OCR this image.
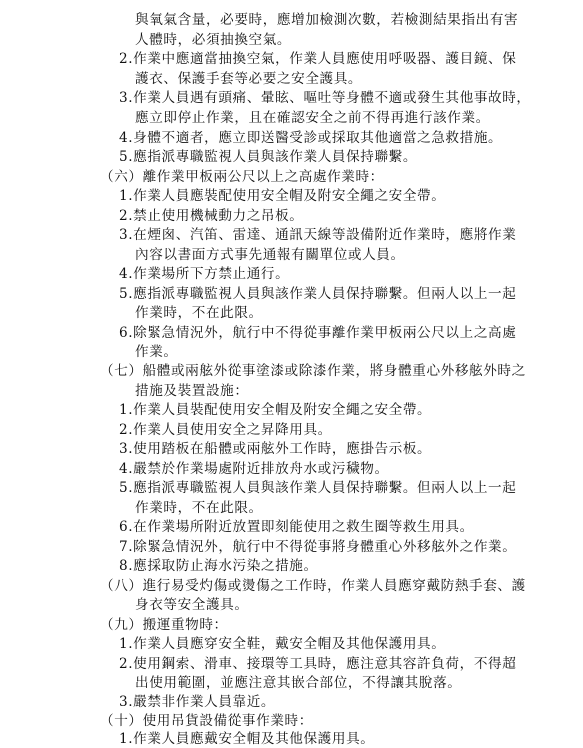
與氧氣含量，必要時，應增加檢測次數，若檢測結果指出有害
人體時，必須抽換空氣。
2.作業中應適當抽換空氣，作業人員應使用呼吸器、護目鏡、保
護衣、保護手套等必要之安全護具。
3.作業人員遇有頭痛、暈眩、嘔吐等身體不適或發生其他事故時，
應立即停止作業，且在確認安全之前不得再進行該作業。
4.身體不適者，應立即送醫受診或採取其他適當之急救措施。
5.應指派專職監視人員與該作業人員保持聯繫。
（六）離作業甲板兩公尺以上之高處作業時：
1.作業人員應裝配使用安全帽及附安全繩之安全帶。
2.禁止使用機械動力之吊板。
3.在煙囪、汽笛、雷達、通訊天線等設備附近作業時，應將作業
內容以書面方式事先通報有關單位或人員。
4.作業場所下方禁止通行。
5.應指派專職監視人員與該作業人員保持聯繫。但兩人以上一起
作業時，不在此限。
6.除緊急情況外，航行中不得從事離作業甲板兩公尺以上之高處
作業。
（七）船體或兩舷外從事塗漆或除漆作業，將身體重心外移舷外時之
措施及裝置設施：
1.作業人員裝配使用安全帽及附安全繩之安全帶。
2.作業人員使用安全之昇降用具。
3.使用踏板在船體或兩舷外工作時，應掛告示板。
4.嚴禁於作業場處附近排放舟水或污穢物。
5.應指派專職監視人員與該作業人員保持聯繫。但兩人以上一起
作業時，不在此限。
6.在作業場所附近放置即刻能使用之救生圈等救生用具。
7.除緊急情況外，航行中不得從事將身體重心外移舷外之作業。
8.應採取防止海水污染之措施。
（八）進行易受灼傷或燙傷之工作時，作業人員應穿戴防熱手套、護
身衣等安全護具。
（九）搬運重物時：
1.作業人員應穿安全鞋，戴安全帽及其他保護用具。
2.使用鋼索、滑車、接環等工具時，應注意其容許負荷，不得超
出使用範圍，並應注意其嵌合部位，不得讓其脫落。
3.嚴禁非作業人員靠近。
（十）使用吊貨設備從事作業時：
1.作業人員應戴安全帽及其他保護用具。
